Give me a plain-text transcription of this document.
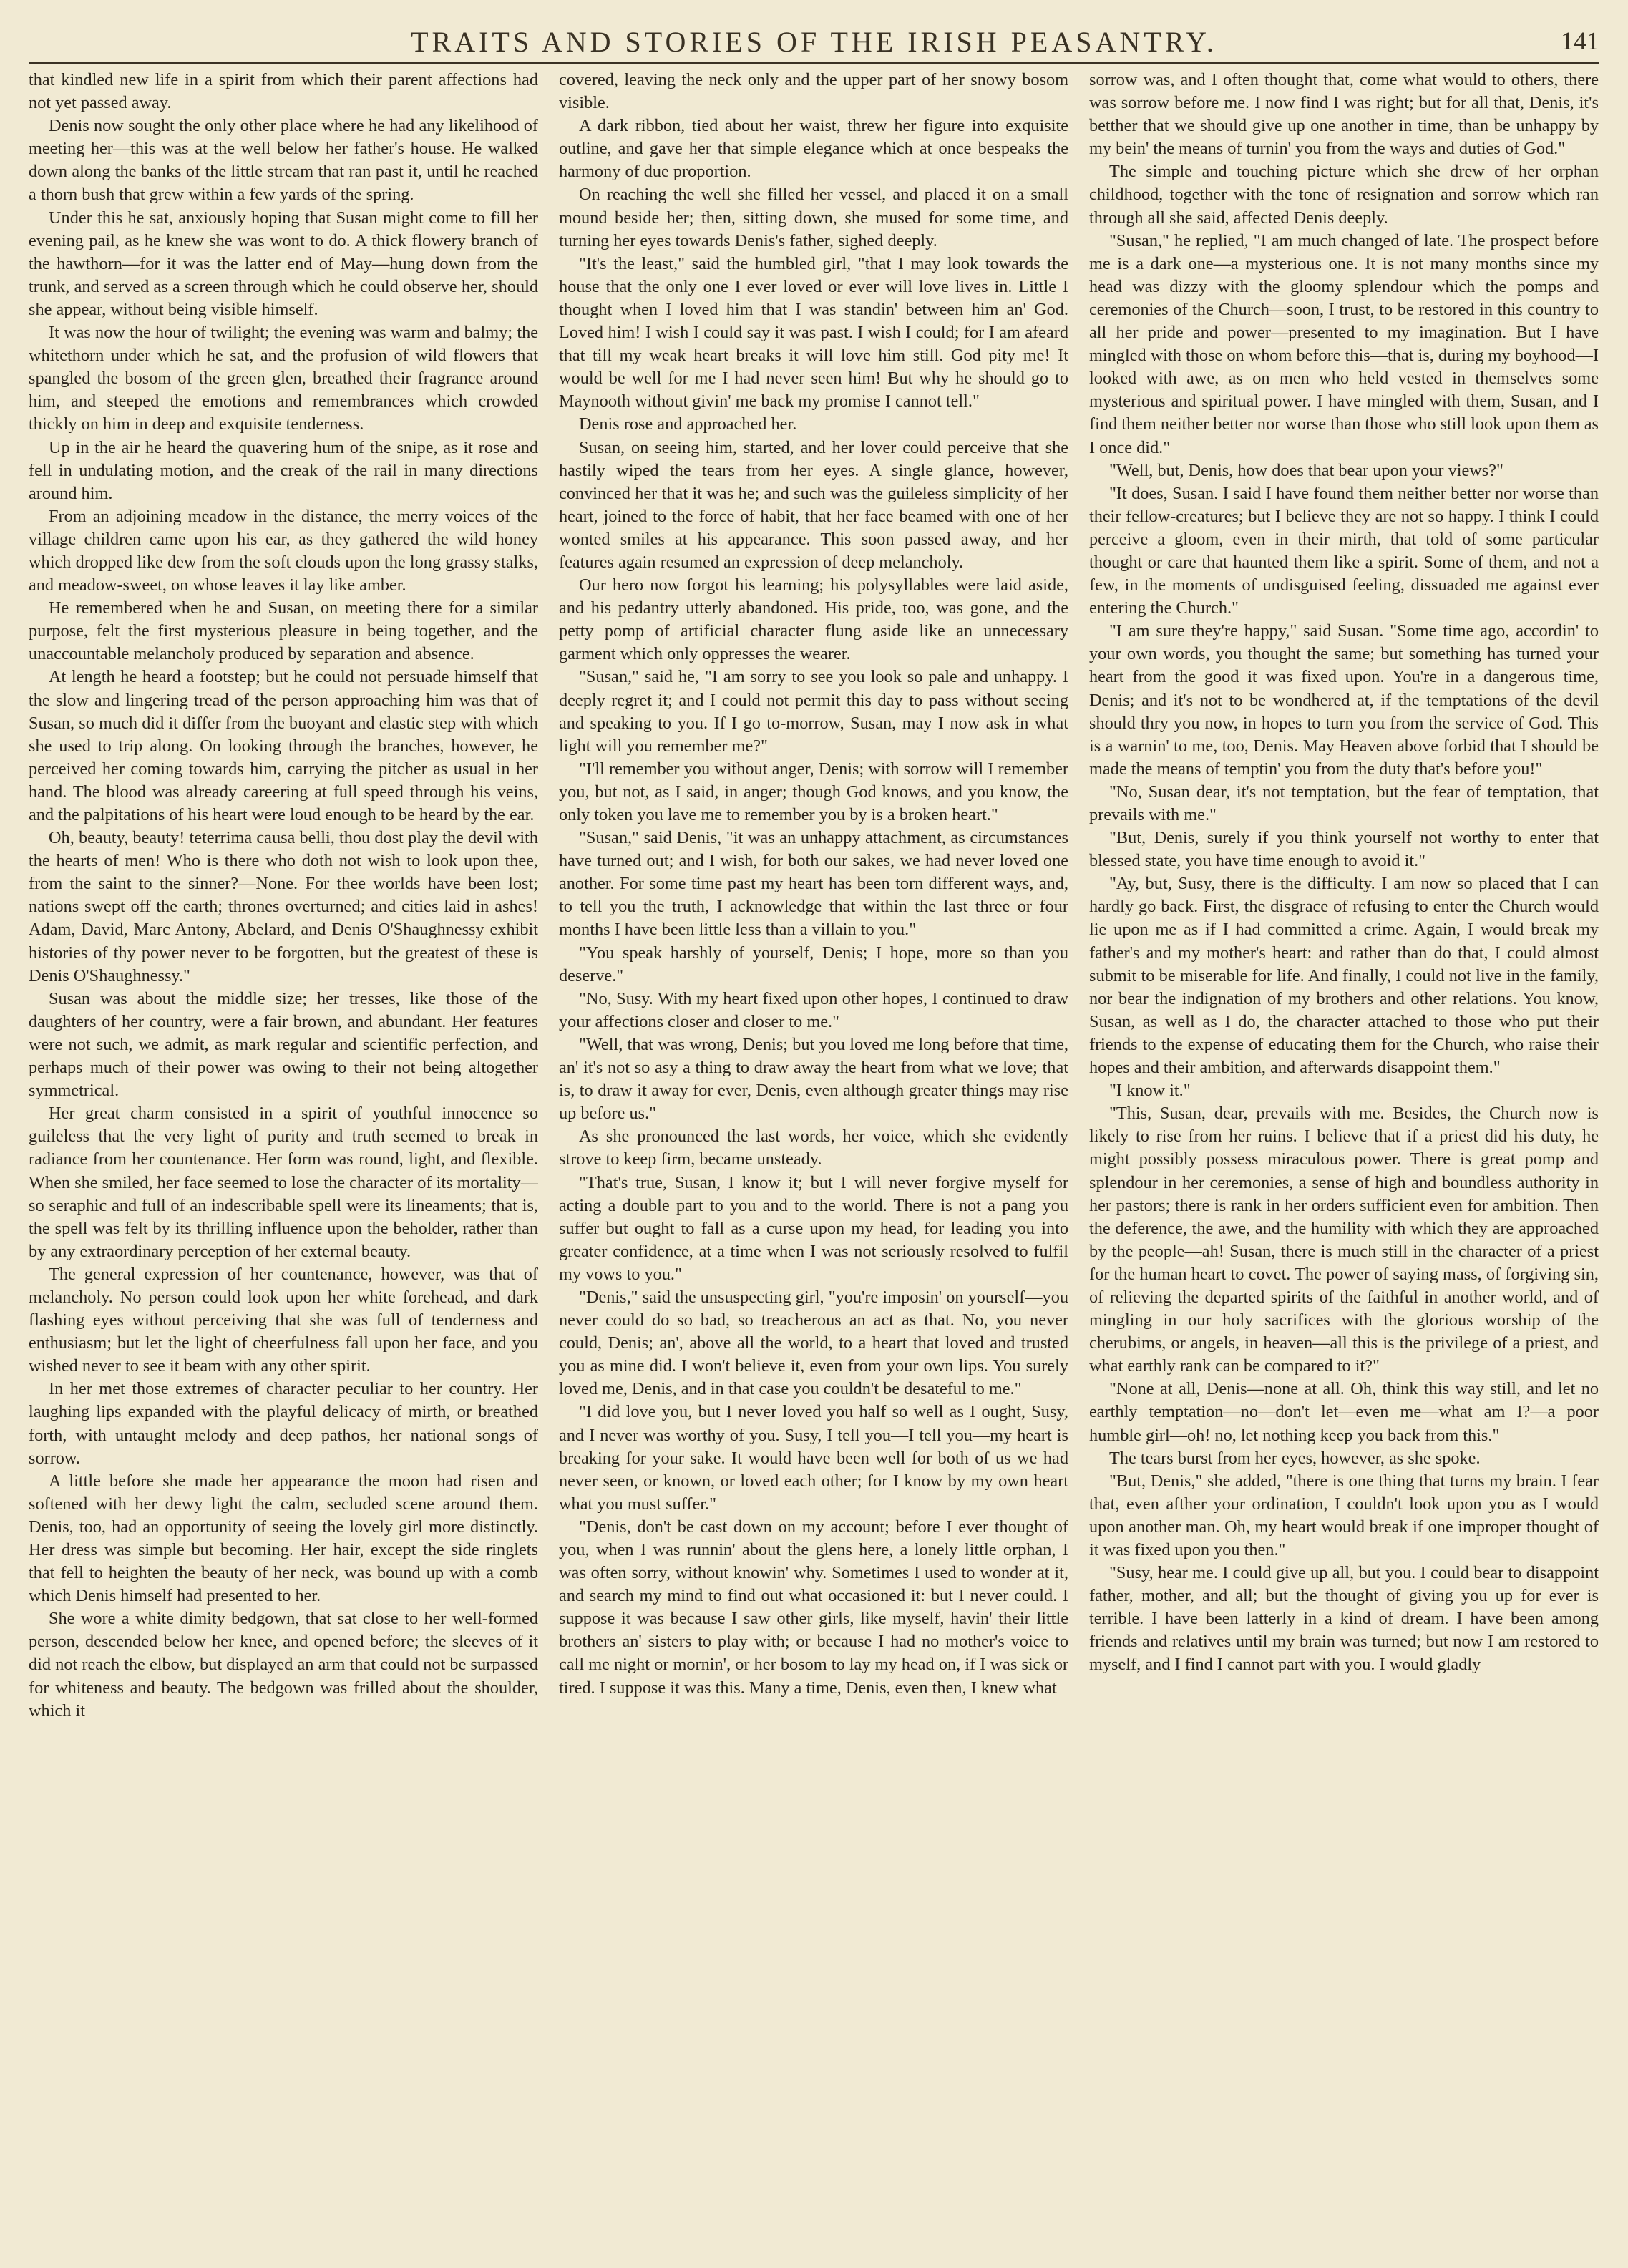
TRAITS AND STORIES OF THE IRISH PEASANTRY.	141

that kindled new life in a spirit from which their parent affections had not yet passed away.

Denis now sought the only other place where he had any likelihood of meeting her—this was at the well below her father's house. He walked down along the banks of the little stream that ran past it, until he reached a thorn bush that grew within a few yards of the spring.

Under this he sat, anxiously hoping that Susan might come to fill her evening pail, as he knew she was wont to do. A thick flowery branch of the hawthorn—for it was the latter end of May—hung down from the trunk, and served as a screen through which he could observe her, should she appear, without being visible himself.

It was now the hour of twilight; the evening was warm and balmy; the whitethorn under which he sat, and the profusion of wild flowers that spangled the bosom of the green glen, breathed their fragrance around him, and steeped the emotions and remembrances which crowded thickly on him in deep and exquisite tenderness.

Up in the air he heard the quavering hum of the snipe, as it rose and fell in undulating motion, and the creak of the rail in many directions around him.

From an adjoining meadow in the distance, the merry voices of the village children came upon his ear, as they gathered the wild honey which dropped like dew from the soft clouds upon the long grassy stalks, and meadow-sweet, on whose leaves it lay like amber.

He remembered when he and Susan, on meeting there for a similar purpose, felt the first mysterious pleasure in being together, and the unaccountable melancholy produced by separation and absence.

At length he heard a footstep; but he could not persuade himself that the slow and lingering tread of the person approaching him was that of Susan, so much did it differ from the buoyant and elastic step with which she used to trip along. On looking through the branches, however, he perceived her coming towards him, carrying the pitcher as usual in her hand. The blood was already careering at full speed through his veins, and the palpitations of his heart were loud enough to be heard by the ear.

Oh, beauty, beauty! teterrima causa belli, thou dost play the devil with the hearts of men! Who is there who doth not wish to look upon thee, from the saint to the sinner?—None. For thee worlds have been lost; nations swept off the earth; thrones overturned; and cities laid in ashes! Adam, David, Marc Antony, Abelard, and Denis O'Shaughnessy exhibit histories of thy power never to be forgotten, but the greatest of these is Denis O'Shaughnessy."

Susan was about the middle size; her tresses, like those of the daughters of her country, were a fair brown, and abundant. Her features were not such, we admit, as mark regular and scientific perfection, and perhaps much of their power was owing to their not being altogether symmetrical.

Her great charm consisted in a spirit of youthful innocence so guileless that the very light of purity and truth seemed to break in radiance from her countenance. Her form was round, light, and flexible. When she smiled, her face seemed to lose the character of its mortality—so seraphic and full of an indescribable spell were its lineaments; that is, the spell was felt by its thrilling influence upon the beholder, rather than by any extraordinary perception of her external beauty.

The general expression of her countenance, however, was that of melancholy. No person could look upon her white forehead, and dark flashing eyes without perceiving that she was full of tenderness and enthusiasm; but let the light of cheerfulness fall upon her face, and you wished never to see it beam with any other spirit.

In her met those extremes of character peculiar to her country. Her laughing lips expanded with the playful delicacy of mirth, or breathed forth, with untaught melody and deep pathos, her national songs of sorrow.

A little before she made her appearance the moon had risen and softened with her dewy light the calm, secluded scene around them. Denis, too, had an opportunity of seeing the lovely girl more distinctly. Her dress was simple but becoming. Her hair, except the side ringlets that fell to heighten the beauty of her neck, was bound up with a comb which Denis himself had presented to her.

She wore a white dimity bedgown, that sat close to her well-formed person, descended below her knee, and opened before; the sleeves of it did not reach the elbow, but displayed an arm that could not be surpassed for whiteness and beauty. The bedgown was frilled about the shoulder, which it

covered, leaving the neck only and the upper part of her snowy bosom visible.

A dark ribbon, tied about her waist, threw her figure into exquisite outline, and gave her that simple elegance which at once bespeaks the harmony of due proportion.

On reaching the well she filled her vessel, and placed it on a small mound beside her; then, sitting down, she mused for some time, and turning her eyes towards Denis's father, sighed deeply.

"It's the least," said the humbled girl, "that I may look towards the house that the only one I ever loved or ever will love lives in. Little I thought when I loved him that I was standin' between him an' God. Loved him! I wish I could say it was past. I wish I could; for I am afeard that till my weak heart breaks it will love him still. God pity me! It would be well for me I had never seen him! But why he should go to Maynooth without givin' me back my promise I cannot tell."

Denis rose and approached her.

Susan, on seeing him, started, and her lover could perceive that she hastily wiped the tears from her eyes. A single glance, however, convinced her that it was he; and such was the guileless simplicity of her heart, joined to the force of habit, that her face beamed with one of her wonted smiles at his appearance. This soon passed away, and her features again resumed an expression of deep melancholy.

Our hero now forgot his learning; his polysyllables were laid aside, and his pedantry utterly abandoned. His pride, too, was gone, and the petty pomp of artificial character flung aside like an unnecessary garment which only oppresses the wearer.

"Susan," said he, "I am sorry to see you look so pale and unhappy. I deeply regret it; and I could not permit this day to pass without seeing and speaking to you. If I go to-morrow, Susan, may I now ask in what light will you remember me?"

"I'll remember you without anger, Denis; with sorrow will I remember you, but not, as I said, in anger; though God knows, and you know, the only token you lave me to remember you by is a broken heart."

"Susan," said Denis, "it was an unhappy attachment, as circumstances have turned out; and I wish, for both our sakes, we had never loved one another. For some time past my heart has been torn different ways, and, to tell you the truth, I acknowledge that within the last three or four months I have been little less than a villain to you."

"You speak harshly of yourself, Denis; I hope, more so than you deserve."

"No, Susy. With my heart fixed upon other hopes, I continued to draw your affections closer and closer to me."

"Well, that was wrong, Denis; but you loved me long before that time, an' it's not so asy a thing to draw away the heart from what we love; that is, to draw it away for ever, Denis, even although greater things may rise up before us."

As she pronounced the last words, her voice, which she evidently strove to keep firm, became unsteady.

"That's true, Susan, I know it; but I will never forgive myself for acting a double part to you and to the world. There is not a pang you suffer but ought to fall as a curse upon my head, for leading you into greater confidence, at a time when I was not seriously resolved to fulfil my vows to you."

"Denis," said the unsuspecting girl, "you're imposin' on yourself—you never could do so bad, so treacherous an act as that. No, you never could, Denis; an', above all the world, to a heart that loved and trusted you as mine did. I won't believe it, even from your own lips. You surely loved me, Denis, and in that case you couldn't be desateful to me."

"I did love you, but I never loved you half so well as I ought, Susy, and I never was worthy of you. Susy, I tell you—I tell you—my heart is breaking for your sake. It would have been well for both of us we had never seen, or known, or loved each other; for I know by my own heart what you must suffer."

"Denis, don't be cast down on my account; before I ever thought of you, when I was runnin' about the glens here, a lonely little orphan, I was often sorry, without knowin' why. Sometimes I used to wonder at it, and search my mind to find out what occasioned it: but I never could. I suppose it was because I saw other girls, like myself, havin' their little brothers an' sisters to play with; or because I had no mother's voice to call me night or mornin', or her bosom to lay my head on, if I was sick or tired. I suppose it was this. Many a time, Denis, even then, I knew what

sorrow was, and I often thought that, come what would to others, there was sorrow before me. I now find I was right; but for all that, Denis, it's betther that we should give up one another in time, than be unhappy by my bein' the means of turnin' you from the ways and duties of God."

The simple and touching picture which she drew of her orphan childhood, together with the tone of resignation and sorrow which ran through all she said, affected Denis deeply.

"Susan," he replied, "I am much changed of late. The prospect before me is a dark one—a mysterious one. It is not many months since my head was dizzy with the gloomy splendour which the pomps and ceremonies of the Church—soon, I trust, to be restored in this country to all her pride and power—presented to my imagination. But I have mingled with those on whom before this—that is, during my boyhood—I looked with awe, as on men who held vested in themselves some mysterious and spiritual power. I have mingled with them, Susan, and I find them neither better nor worse than those who still look upon them as I once did."

"Well, but, Denis, how does that bear upon your views?"

"It does, Susan. I said I have found them neither better nor worse than their fellow-creatures; but I believe they are not so happy. I think I could perceive a gloom, even in their mirth, that told of some particular thought or care that haunted them like a spirit. Some of them, and not a few, in the moments of undisguised feeling, dissuaded me against ever entering the Church."

"I am sure they're happy," said Susan. "Some time ago, accordin' to your own words, you thought the same; but something has turned your heart from the good it was fixed upon. You're in a dangerous time, Denis; and it's not to be wondhered at, if the temptations of the devil should thry you now, in hopes to turn you from the service of God. This is a warnin' to me, too, Denis. May Heaven above forbid that I should be made the means of temptin' you from the duty that's before you!"

"No, Susan dear, it's not temptation, but the fear of temptation, that prevails with me."

"But, Denis, surely if you think yourself not worthy to enter that blessed state, you have time enough to avoid it."

"Ay, but, Susy, there is the difficulty. I am now so placed that I can hardly go back. First, the disgrace of refusing to enter the Church would lie upon me as if I had committed a crime. Again, I would break my father's and my mother's heart: and rather than do that, I could almost submit to be miserable for life. And finally, I could not live in the family, nor bear the indignation of my brothers and other relations. You know, Susan, as well as I do, the character attached to those who put their friends to the expense of educating them for the Church, who raise their hopes and their ambition, and afterwards disappoint them."

"I know it."

"This, Susan, dear, prevails with me. Besides, the Church now is likely to rise from her ruins. I believe that if a priest did his duty, he might possibly possess miraculous power. There is great pomp and splendour in her ceremonies, a sense of high and boundless authority in her pastors; there is rank in her orders sufficient even for ambition. Then the deference, the awe, and the humility with which they are approached by the people—ah! Susan, there is much still in the character of a priest for the human heart to covet. The power of saying mass, of forgiving sin, of relieving the departed spirits of the faithful in another world, and of mingling in our holy sacrifices with the glorious worship of the cherubims, or angels, in heaven—all this is the privilege of a priest, and what earthly rank can be compared to it?"

"None at all, Denis—none at all. Oh, think this way still, and let no earthly temptation—no—don't let—even me—what am I?—a poor humble girl—oh! no, let nothing keep you back from this."

The tears burst from her eyes, however, as she spoke.

"But, Denis," she added, "there is one thing that turns my brain. I fear that, even afther your ordination, I couldn't look upon you as I would upon another man. Oh, my heart would break if one improper thought of it was fixed upon you then."

"Susy, hear me. I could give up all, but you. I could bear to disappoint father, mother, and all; but the thought of giving you up for ever is terrible. I have been latterly in a kind of dream. I have been among friends and relatives until my brain was turned; but now I am restored to myself, and I find I cannot part with you. I would gladly
